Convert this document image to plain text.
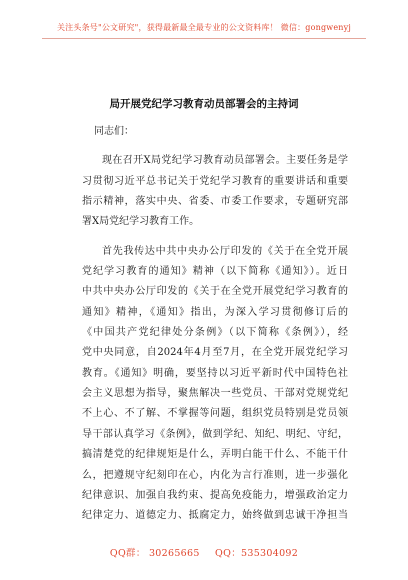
关注头条号"公文研究"，获得最新最全最专业的公文资料库！ 微信：gongwenyj
局开展党纪学习教育动员部署会的主持词
同志们：
现在召开X局党纪学习教育动员部署会。主要任务是学
习贯彻习近平总书记关于党纪学习教育的重要讲话和重要
指示精神，落实中央、省委、市委工作要求，专题研究部
署X局党纪学习教育工作。
首先我传达中共中央办公厅印发的《关于在全党开展
党纪学习教育的通知》精神（以下简称《通知》）。近日
中共中央办公厅印发的《关于在全党开展党纪学习教育的
通知》精神，《通知》指出，为深入学习贯彻修订后的
《中国共产党纪律处分条例》（以下简称《条例》），经
党中央同意，自2024年4月至7月，在全党开展党纪学习
教育。《通知》明确，要坚持以习近平新时代中国特色社
会主义思想为指导，聚焦解决一些党员、干部对党规党纪
不上心、不了解、不掌握等问题，组织党员特别是党员领
导干部认真学习《条例》，做到学纪、知纪、明纪、守纪，
搞清楚党的纪律规矩是什么，弄明白能干什么、不能干什
么，把遵规守纪刻印在心，内化为言行准则，进一步强化
纪律意识、加强自我约束、提高免疫能力，增强政治定力
纪律定力、道德定力、抵腐定力，始终做到忠诚干净担当
QQ群： 30265665 QQ：535304092
